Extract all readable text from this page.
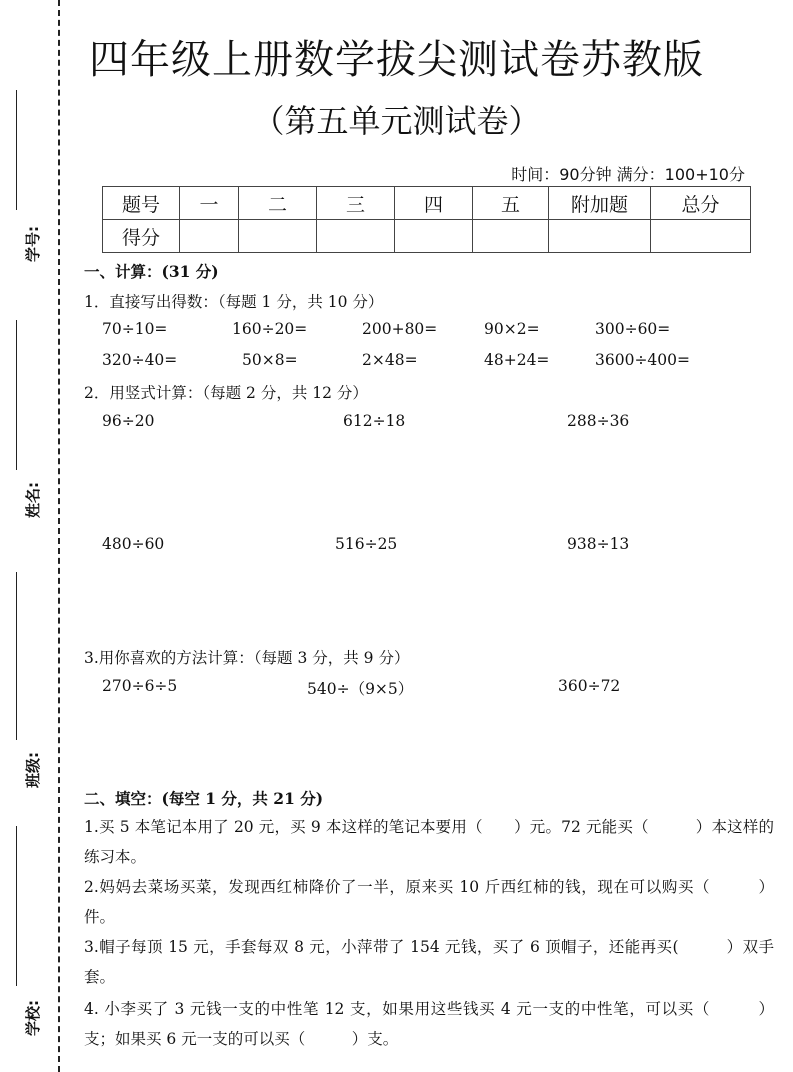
学号:
姓名:
班级:
学校:
四年级上册数学拔尖测试卷苏教版
（第五单元测试卷）
时间：90分钟 满分：100+10分
题号	一	二	三	四	五	附加题	总分
得分							
一、计算：(31 分)
1．直接写出得数：（每题 1 分，共 10 分）
70÷10=	160÷20=	200+80=	90×2=	300÷60=
320÷40=	50×8=	2×48=	48+24=	3600÷400=
2．用竖式计算：（每题 2 分，共 12 分）
96÷20	612÷18	288÷36
480÷60	516÷25	938÷13
3.用你喜欢的方法计算：（每题 3 分，共 9 分）
270÷6÷5	540÷（9×5）	360÷72
二、填空：(每空 1 分，共 21 分)
1.买 5 本笔记本用了 20 元，买 9 本这样的笔记本要用（　　）元。72 元能买（　　　）本这样的练习本。
2.妈妈去菜场买菜，发现西红柿降价了一半，原来买 10 斤西红柿的钱，现在可以购买（　　　）件。
3.帽子每顶 15 元，手套每双 8 元，小萍带了 154 元钱，买了 6 顶帽子，还能再买(　　　）双手套。
4. 小李买了 3 元钱一支的中性笔 12 支，如果用这些钱买 4 元一支的中性笔，可以买（　　　）支；如果买 6 元一支的可以买（　　　）支。
